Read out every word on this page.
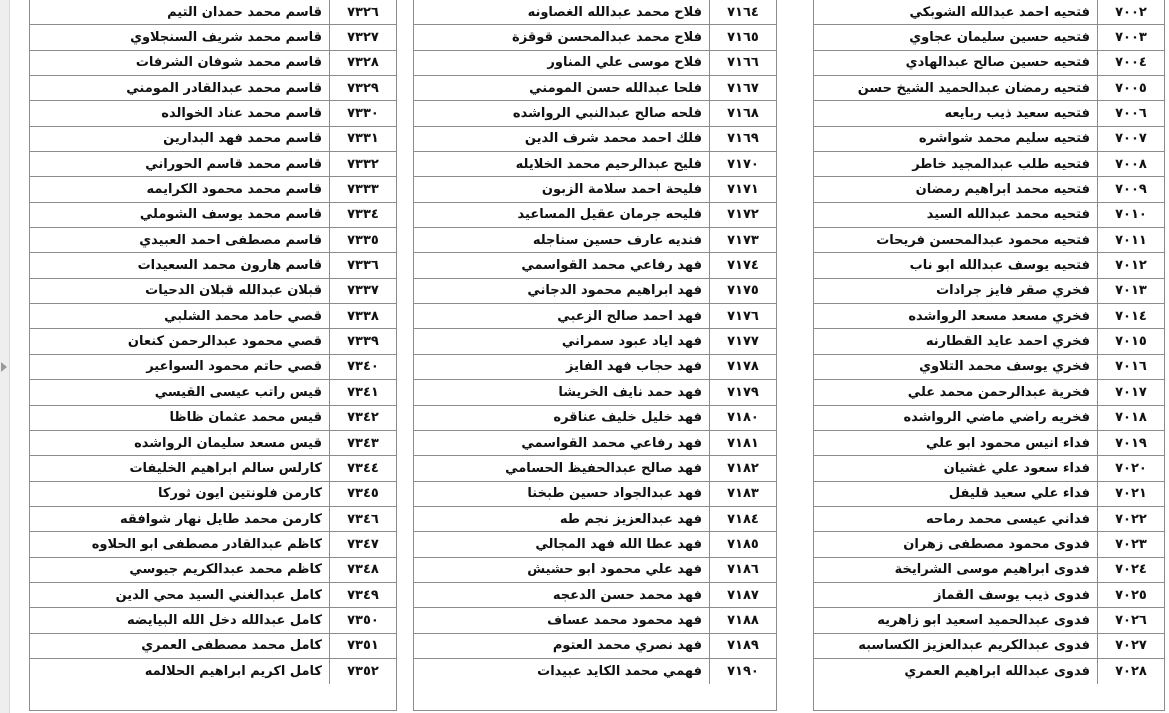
٧٠٠٢
فتحيه احمد عبدالله الشوبكي
٧٠٠٣
فتحيه حسين سليمان عجاوي
٧٠٠٤
فتحيه حسين صالح عبدالهادي
٧٠٠٥
فتحيه رمضان عبدالحميد الشيخ حسن
٧٠٠٦
فتحيه سعيد ذيب ربايعه
٧٠٠٧
فتحيه سليم محمد شواشره
٧٠٠٨
فتحيه طلب عبدالمجيد خاطر
٧٠٠٩
فتحيه محمد ابراهيم رمضان
٧٠١٠
فتحيه محمد عبدالله السيد
٧٠١١
فتحيه محمود عبدالمحسن فريحات
٧٠١٢
فتحيه يوسف عبدالله ابو ناب
٧٠١٣
فخري صقر فايز جرادات
٧٠١٤
فخري مسعد مسعد الرواشده
٧٠١٥
فخري احمد عايد القطارنه
٧٠١٦
فخري يوسف محمد التلاوي
٧٠١٧
فخرية عبدالرحمن محمد علي
٧٠١٨
فخريه راضي ماضي الرواشده
٧٠١٩
فداء انيس محمود ابو علي
٧٠٢٠
فداء سعود علي غشيان
٧٠٢١
فداء علي سعيد قليفل
٧٠٢٢
فداني عيسى محمد رماحه
٧٠٢٣
فدوى محمود مصطفى زهران
٧٠٢٤
فدوى ابراهيم موسى الشرايخة
٧٠٢٥
فدوى ذيب يوسف القماز
٧٠٢٦
فدوى عبدالحميد اسعيد ابو زاهريه
٧٠٢٧
فدوى عبدالكريم عبدالعزيز الكساسبه
٧٠٢٨
فدوى عبدالله ابراهيم العمري
٧١٦٤
فلاح محمد عبدالله الغصاونه
٧١٦٥
فلاح محمد عبدالمحسن قوقزة
٧١٦٦
فلاح موسى علي المناور
٧١٦٧
فلحا عبدالله حسن المومني
٧١٦٨
فلحه صالح عبدالنبي الرواشده
٧١٦٩
فلك احمد محمد شرف الدين
٧١٧٠
فليح عبدالرحيم محمد الخلايله
٧١٧١
فليحة احمد سلامة الزبون
٧١٧٢
فليحه جرمان عقيل المساعيد
٧١٧٣
فنديه عارف حسين سناجله
٧١٧٤
فهد رفاعي محمد القواسمي
٧١٧٥
فهد ابراهيم محمود الدجاني
٧١٧٦
فهد احمد صالح الزعبي
٧١٧٧
فهد اياد عبود سمراني
٧١٧٨
فهد حجاب فهد الفايز
٧١٧٩
فهد حمد نايف الخريشا
٧١٨٠
فهد خليل خليف عناقره
٧١٨١
فهد رفاعي محمد القواسمي
٧١٨٢
فهد صالح عبدالحفيظ الحسامي
٧١٨٣
فهد عبدالجواد حسين طبخنا
٧١٨٤
فهد عبدالعزيز نجم طه
٧١٨٥
فهد عطا الله فهد المجالي
٧١٨٦
فهد علي محمود ابو حشيش
٧١٨٧
فهد محمد حسن الدعجه
٧١٨٨
فهد محمود محمد عساف
٧١٨٩
فهد نصري محمد العتوم
٧١٩٠
فهمي محمد الكايد عبيدات
٧٣٢٦
قاسم محمد حمدان التيم
٧٣٢٧
قاسم محمد شريف السنجلاوي
٧٣٢٨
قاسم محمد شوفان الشرفات
٧٣٢٩
قاسم محمد عبدالقادر المومني
٧٣٣٠
قاسم محمد عناد الخوالده
٧٣٣١
قاسم محمد فهد البدارين
٧٣٣٢
قاسم محمد قاسم الحوراني
٧٣٣٣
قاسم محمد محمود الكرايمه
٧٣٣٤
قاسم محمد يوسف الشوملي
٧٣٣٥
قاسم مصطفى احمد العبيدي
٧٣٣٦
قاسم هارون محمد السعيدات
٧٣٣٧
قبلان عبدالله قبلان الدحيات
٧٣٣٨
قصي حامد محمد الشلبي
٧٣٣٩
قصي محمود عبدالرحمن كنعان
٧٣٤٠
قصي حاتم محمود السواعير
٧٣٤١
قيس راتب عيسى القيسي
٧٣٤٢
قيس محمد عثمان ظاظا
٧٣٤٣
قيس مسعد سليمان الرواشده
٧٣٤٤
كارلس سالم ابراهيم الخليفات
٧٣٤٥
كارمن فلونتين ايون ثوركا
٧٣٤٦
كارمن محمد طايل نهار شوافقه
٧٣٤٧
كاظم عبدالقادر مصطفى ابو الحلاوه
٧٣٤٨
كاظم محمد عبدالكريم جيوسي
٧٣٤٩
كامل عبدالغني السيد محي الدين
٧٣٥٠
كامل عبدالله دخل الله البيايضه
٧٣٥١
كامل محمد مصطفى العمري
٧٣٥٢
كامل اكريم ابراهيم الحلالمه
